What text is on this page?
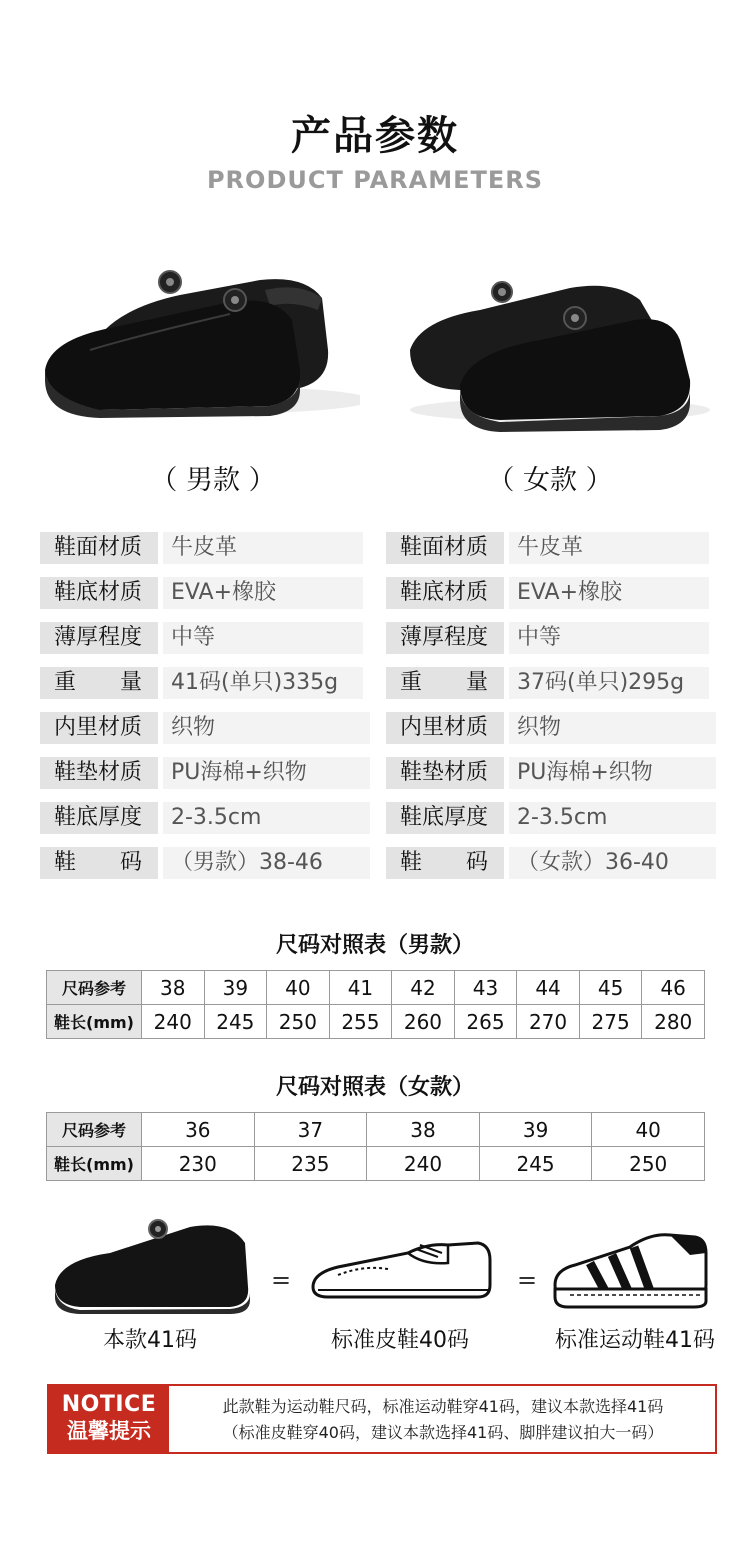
产品参数
PRODUCT PARAMETERS
（ 男款 ）	（ 女款 ）
鞋面材质	牛皮革
鞋底材质	EVA+橡胶
薄厚程度	中等
重　　量	41码(单只)335g
内里材质	织物
鞋垫材质	PU海棉+织物
鞋底厚度	2-3.5cm
鞋　　码	（男款）38-46
鞋面材质	牛皮革
鞋底材质	EVA+橡胶
薄厚程度	中等
重　　量	37码(单只)295g
内里材质	织物
鞋垫材质	PU海棉+织物
鞋底厚度	2-3.5cm
鞋　　码	（女款）36-40
尺码对照表（男款）
尺码参考	38	39	40	41	42	43	44	45	46
鞋长(mm)	240	245	250	255	260	265	270	275	280
尺码对照表（女款）
尺码参考	36	37	38	39	40
鞋长(mm)	230	235	240	245	250
=	=
本款41码	标准皮鞋40码	标准运动鞋41码
NOTICE
温馨提示
此款鞋为运动鞋尺码，标准运动鞋穿41码，建议本款选择41码
（标准皮鞋穿40码，建议本款选择41码、脚胖建议拍大一码）
